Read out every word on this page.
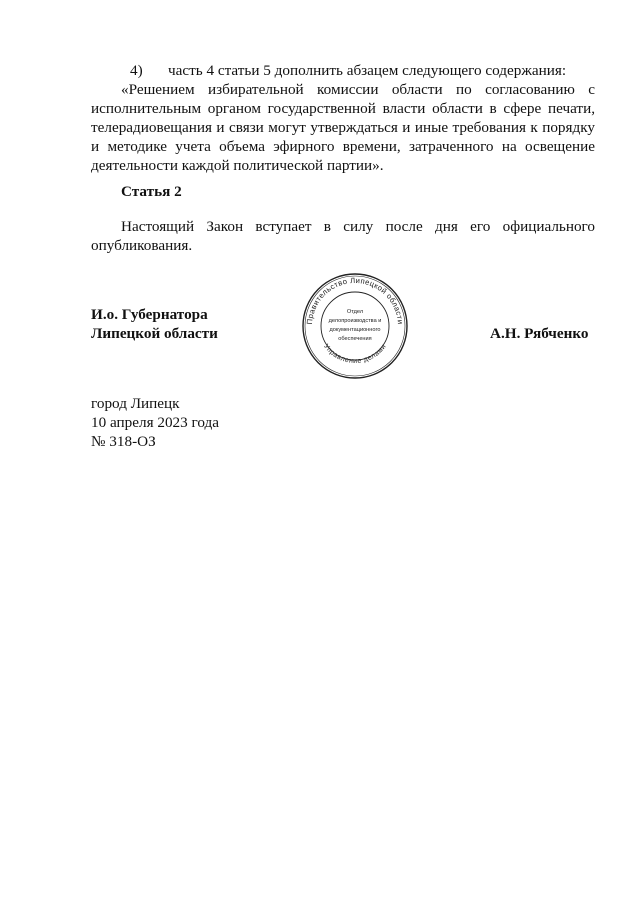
4) часть 4 статьи 5 дополнить абзацем следующего содержания:

«Решением избирательной комиссии области по согласованию с исполнительным органом государственной власти области в сфере печати, телерадиовещания и связи могут утверждаться и иные требования к порядку и методике учета объема эфирного времени, затраченного на освещение деятельности каждой политической партии».

Статья 2

Настоящий Закон вступает в силу после дня его официального опубликования.

И.о. Губернатора
Липецкой области
Правительство Липецкой области
Управление делами
Отдел
делопроизводства и
документационного
обеспечения	А.Н. Рябченко
город Липецк
10 апреля 2023 года
№ 318-ОЗ
